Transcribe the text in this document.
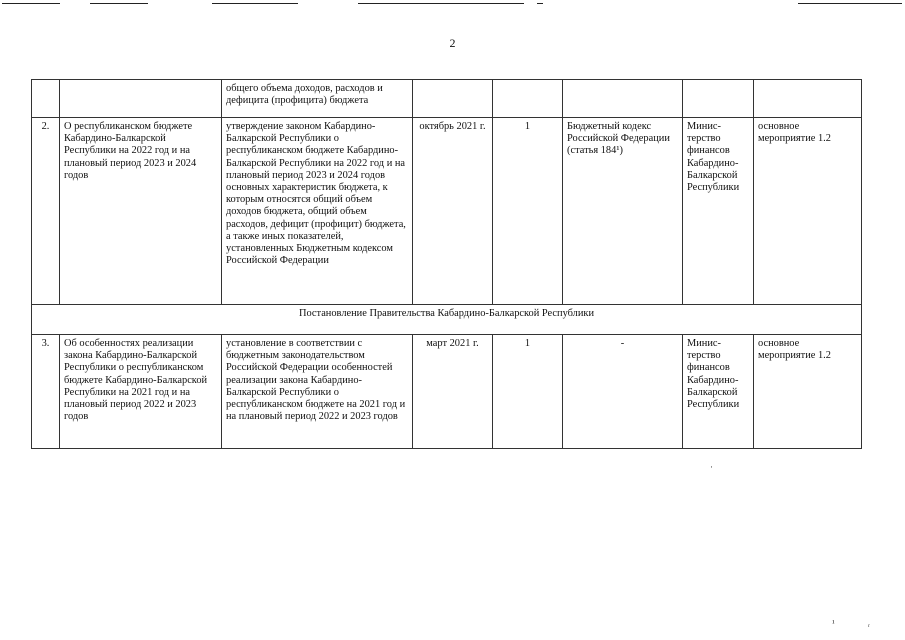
2
		общего объема доходов, расходов и дефицита (профицита) бюджета					
2.	О республиканском бюджете Кабардино-Балкарской Республики на 2022 год и на плановый период 2023 и 2024 годов	утверждение законом Кабардино-Балкарской Республики о республиканском бюджете Кабардино-Балкарской Республики на 2022 год и на плановый период 2023 и 2024 годов основных характеристик бюджета, к которым относятся общий объем доходов бюджета, общий объем расходов, дефицит (профицит) бюджета, а также иных показателей, установленных Бюджетным кодексом Российской Федерации	октябрь 2021 г.	1	Бюджетный кодекс Российской Федерации (статья 184¹)	Минис-терство финансов Кабардино-Балкарской Республики	основное мероприятие 1.2
Постановление Правительства Кабардино-Балкарской Республики							
3.	Об особенностях реализации закона Кабардино-Балкарской Республики о республиканском бюджете Кабардино-Балкарской Республики на 2021 год и на плановый период 2022 и 2023 годов	установление в соответствии с бюджетным законодательством Российской Федерации особенностей реализации закона Кабардино-Балкарской Республики о республиканском бюджете на 2021 год и на плановый период 2022 и 2023 годов	март 2021 г.	1	-	Минис-терство финансов Кабардино-Балкарской Республики	основное мероприятие 1.2
·
¹	ᵣ
